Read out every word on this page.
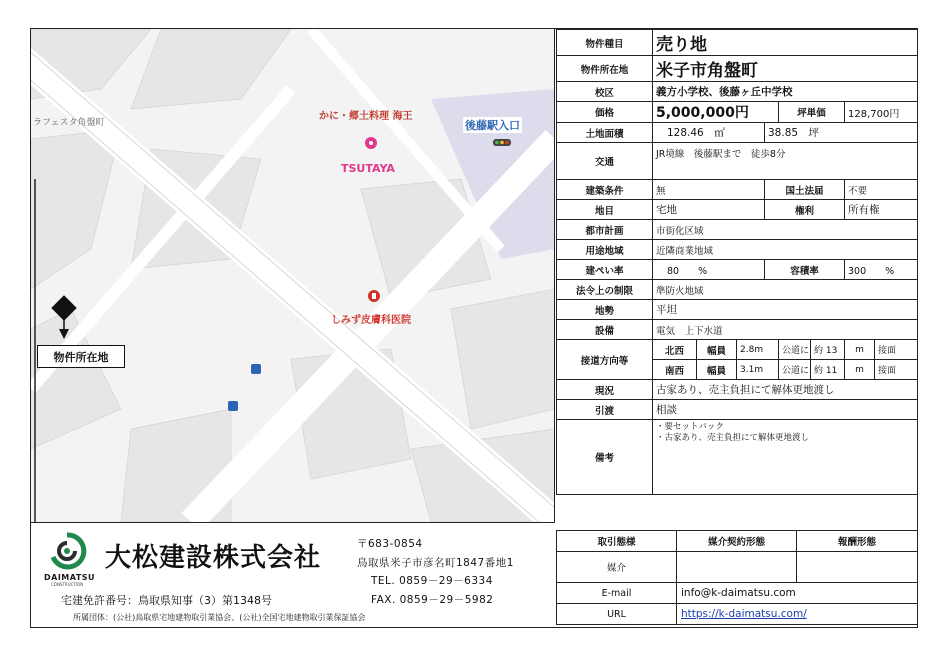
ラフェスタ角盤町
かに・郷土料理 海王
TSUTAYA
後藤駅入口
しみず皮膚科医院
物件所在地
物件種目	売り地							
物件所在地	米子市角盤町							
校区	義方小学校、後藤ヶ丘中学校							
価格	5,000,000円				坪単価		128,700円	
土地面積	128.46　㎡			38.85　坪				
交通	JR境線　後藤駅まで　徒歩8分							
建築条件	無			国土法届			不要	
地目	宅地			権利			所有権	
都市計画	市街化区域							
用途地域	近隣商業地域							
建ぺい率	80　　%			容積率			300　　%	
法令上の制限	準防火地域							
地勢	平坦							
設備	電気　上下水道							
接道方向等	北西	幅員	2.8m		公道に	約 13	m	接面
	南西	幅員	3.1m		公道に	約 11	m	接面
現況	古家あり、売主負担にて解体更地渡し							
引渡	相談							
備考	・要セットバック
・古家あり、売主負担にて解体更地渡し							
DAIMATSU
CONSTRUCTION
大松建設株式会社
宅建免許番号：鳥取県知事（3）第1348号
所属団体：(公社)鳥取県宅地建物取引業協会、(公社)全国宅地建物取引業保証協会
〒683-0854
鳥取県米子市彦名町1847番地1
TEL. 0859－29－6334
FAX. 0859－29－5982
取引態様	媒介契約形態	報酬形態
媒介		
E-mail	info@k-daimatsu.com	
URL	https://k-daimatsu.com/	
